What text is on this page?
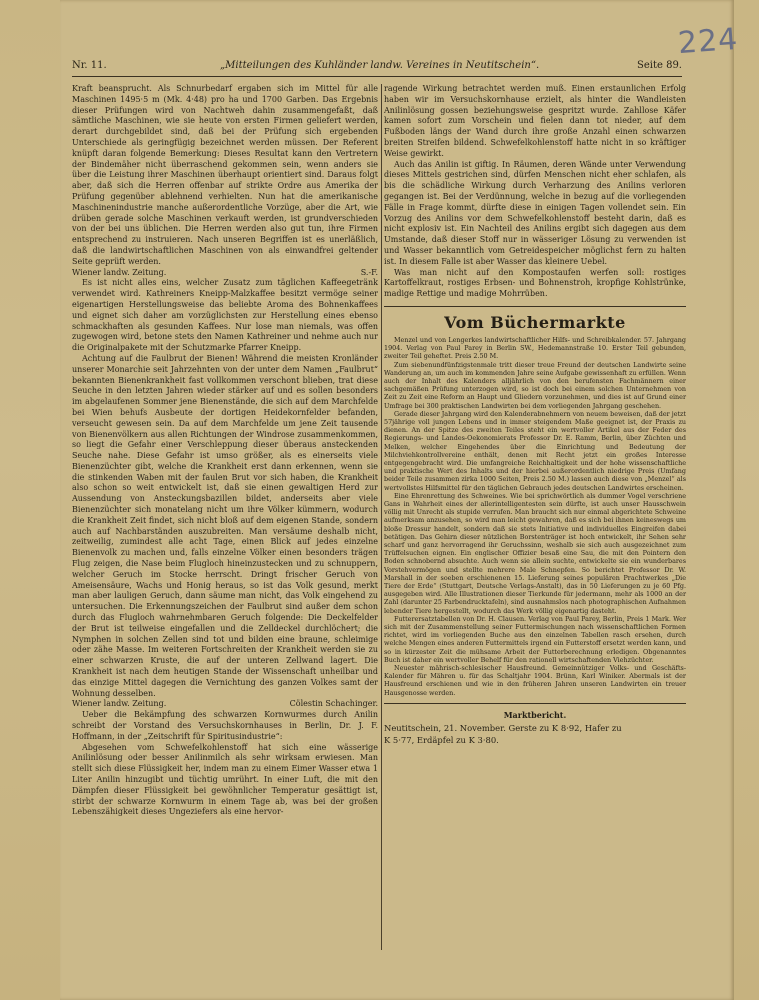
224
Nr. 11.	„Mitteilungen des Kuhländer landw. Vereines in Neutitschein“.	Seite 89.

Kraft beansprucht. Als Schnurbedarf ergaben sich im Mittel für alle Maschinen 1495·5 m (Mk. 4·48) pro ha und 1700 Garben. Das Ergebnis dieser Prüfungen wird von Nachtweh dahin zusammengefaßt, daß sämtliche Maschinen, wie sie heute von ersten Firmen geliefert werden, derart durchgebildet sind, daß bei der Prüfung sich ergebenden Unterschiede als geringfügig bezeichnet werden müssen. Der Referent knüpft daran folgende Bemerkung: Dieses Resultat kann den Vertretern der Bindemäher nicht überraschend gekommen sein, wenn anders sie über die Leistung ihrer Maschinen überhaupt orientiert sind. Daraus folgt aber, daß sich die Herren offenbar auf strikte Ordre aus Amerika der Prüfung gegenüber ablehnend verhielten. Nun hat die amerikanische Maschinenindustrie manche außerordentliche Vorzüge, aber die Art, wie drüben gerade solche Maschinen verkauft werden, ist grundverschieden von der bei uns üblichen. Die Herren werden also gut tun, ihre Firmen entsprechend zu instruieren. Nach unseren Begriffen ist es unerläßlich, daß die landwirtschaftlichen Maschinen von als einwandfrei geltender Seite geprüft werden.

Wiener landw. Zeitung.	S.-F.

Es ist nicht alles eins, welcher Zusatz zum täglichen Kaffeegetränk verwendet wird. Kathreiners Kneipp-Malzkaffee besitzt vermöge seiner eigenartigen Herstellungsweise das beliebte Aroma des Bohnenkaffees und eignet sich daher am vorzüglichsten zur Herstellung eines ebenso schmackhaften als gesunden Kaffees. Nur lose man niemals, was offen zugewogen wird, betone stets den Namen Kathreiner und nehme auch nur die Originalpakete mit der Schutzmarke Pfarrer Kneipp.

Achtung auf die Faulbrut der Bienen! Während die meisten Kronländer unserer Monarchie seit Jahrzehnten von der unter dem Namen „Faulbrut“ bekannten Bienenkrankheit fast vollkommen verschont blieben, trat diese Seuche in den letzten Jahren wieder stärker auf und es sollen besonders im abgelaufenen Sommer jene Bienenstände, die sich auf dem Marchfelde bei Wien behufs Ausbeute der dortigen Heidekornfelder befanden, verseucht gewesen sein. Da auf dem Marchfelde um jene Zeit tausende von Bienenvölkern aus allen Richtungen der Windrose zusammenkommen, so liegt die Gefahr einer Verschleppung dieser überaus ansteckenden Seuche nahe. Diese Gefahr ist umso größer, als es einerseits viele Bienenzüchter gibt, welche die Krankheit erst dann erkennen, wenn sie die stinkenden Waben mit der faulen Brut vor sich haben, die Krankheit also schon so weit entwickelt ist, daß sie einen gewaltigen Herd zur Aussendung von Ansteckungsbazillen bildet, anderseits aber viele Bienenzüchter sich monatelang nicht um ihre Völker kümmern, wodurch die Krankheit Zeit findet, sich nicht bloß auf dem eigenen Stande, sondern auch auf Nachbarständen auszubreiten. Man versäume deshalb nicht, zeitweilig, zumindest alle acht Tage, einen Blick auf jedes einzelne Bienenvolk zu machen und, falls einzelne Völker einen besonders trägen Flug zeigen, die Nase beim Flugloch hineinzustecken und zu schnuppern, welcher Geruch im Stocke herrscht. Dringt frischer Geruch von Ameisensäure, Wachs und Honig heraus, so ist das Volk gesund, merkt man aber lauligen Geruch, dann säume man nicht, das Volk eingehend zu untersuchen. Die Erkennungszeichen der Faulbrut sind außer dem schon durch das Flugloch wahrnehmbaren Geruch folgende: Die Deckelfelder der Brut ist teilweise eingefallen und die Zelldeckel durchlöchert; die Nymphen in solchen Zellen sind tot und bilden eine braune, schleimige oder zähe Masse. Im weiteren Fortschreiten der Krankheit werden sie zu einer schwarzen Kruste, die auf der unteren Zellwand lagert. Die Krankheit ist nach dem heutigen Stande der Wissenschaft unheilbar und das einzige Mittel dagegen die Vernichtung des ganzen Volkes samt der Wohnung desselben.

Wiener landw. Zeitung.	Cölestin Schachinger.

Ueber die Bekämpfung des schwarzen Kornwurmes durch Anilin schreibt der Vorstand des Versuchskornhauses in Berlin, Dr. J. F. Hoffmann, in der „Zeitschrift für Spiritusindustrie“:

Abgesehen vom Schwefelkohlenstoff hat sich eine wässerige Anilinlösung oder besser Anilinmilch als sehr wirksam erwiesen. Man stellt sich diese Flüssigkeit her, indem man zu einem Eimer Wasser etwa 1 Liter Anilin hinzugibt und tüchtig umrührt. In einer Luft, die mit den Dämpfen dieser Flüssigkeit bei gewöhnlicher Temperatur gesättigt ist, stirbt der schwarze Kornwurm in einem Tage ab, was bei der großen Lebenszähigkeit dieses Ungeziefers als eine hervor-

ragende Wirkung betrachtet werden muß. Einen erstaunlichen Erfolg haben wir im Versuchskornhause erzielt, als hinter die Wandleisten Anilinlösung gossen beziehungsweise gespritzt wurde. Zahllose Käfer kamen sofort zum Vorschein und fielen dann tot nieder, auf dem Fußboden längs der Wand durch ihre große Anzahl einen schwarzen breiten Streifen bildend. Schwefelkohlenstoff hatte nicht in so kräftiger Weise gewirkt.

Auch das Anilin ist giftig. In Räumen, deren Wände unter Verwendung dieses Mittels gestrichen sind, dürfen Menschen nicht eher schlafen, als bis die schädliche Wirkung durch Verharzung des Anilins verloren gegangen ist. Bei der Verdünnung, welche in bezug auf die vorliegenden Fälle in Frage kommt, dürfte diese in einigen Tagen vollendet sein. Ein Vorzug des Anilins vor dem Schwefelkohlenstoff besteht darin, daß es nicht explosiv ist. Ein Nachteil des Anilins ergibt sich dagegen aus dem Umstande, daß dieser Stoff nur in wässeriger Lösung zu verwenden ist und Wasser bekanntlich vom Getreidespeicher möglichst fern zu halten ist. In diesem Falle ist aber Wasser das kleinere Uebel.

Was man nicht auf den Kompostaufen werfen soll: rostiges Kartoffelkraut, rostiges Erbsen- und Bohnenstroh, kropfige Kohlstrünke, madige Rettige und madige Mohrrüben.

Vom Büchermarkte

Menzel und von Lengerkes landwirtschaftlicher Hilfs- und Schreibkalender. 57. Jahrgang 1904. Verlag von Paul Parey in Berlin SW., Hedemannstraße 10. Erster Teil gebunden, zweiter Teil geheftet. Preis 2.50 M.

Zum siebenundfünfzigstenmale tritt dieser treue Freund der deutschen Landwirte seine Wanderung an, um auch im kommenden Jahre seine Aufgabe gewissenhaft zu erfüllen. Wenn auch der Inhalt des Kalenders alljährlich von den berufensten Fachmännern einer sachgemäßen Prüfung unterzogen wird, so ist doch bei einem solchen Unternehmen von Zeit zu Zeit eine Reform an Haupt und Gliedern vorzunehmen, und dies ist auf Grund einer Umfrage bei 300 praktischen Landwirten bei dem vorliegenden Jahrgang geschehen.

Gerade dieser Jahrgang wird den Kalenderabnehmern von neuem beweisen, daß der jetzt 57jährige voll jungen Lebens und in immer steigendem Maße geeignet ist, der Praxis zu dienen. An der Spitze des zweiten Teiles steht ein wertvoller Artikel aus der Feder des Regierungs- und Landes-Oekonomierats Professor Dr. E. Ramm, Berlin, über Züchten und Melken, welcher Eingehendes über die Einrichtung und Bedeutung der Milchviehkontrollvereine enthält, denen mit Recht jetzt ein großes Interesse entgegengebracht wird. Die umfangreiche Reichhaltigkeit und der hohe wissenschaftliche und praktische Wert des Inhalts und der hierbei außerordentlich niedrige Preis (Umfang beider Teile zusammen zirka 1000 Seiten, Preis 2.50 M.) lassen auch diese von „Menzel“ als wertvollstes Hilfsmittel für den täglichen Gebrauch jedes deutschen Landwirtes erscheinen.

Eine Ehrenrettung des Schweines. Wie bei sprichwörtlich als dummer Vogel verschriene Gans in Wahrheit eines der allerintelligentesten sein dürfte, ist auch unser Hausschwein völlig mit Unrecht als stupide verrufen. Man braucht sich nur einmal abgerichtete Schweine aufmerksam anzusehen, so wird man leicht gewahren, daß es sich bei ihnen keineswegs um bloße Dressur handelt, sondern daß sie stets Initiative und individuelles Eingreifen dabei betätigen. Das Gehirn dieser nützlichen Borstenträger ist hoch entwickelt, ihr Sehen sehr scharf und ganz hervorragend ihr Geruchssinn, weshalb sie sich auch ausgezeichnet zum Trüffelsuchen eignen. Ein englischer Offizier besaß eine Sau, die mit den Pointern den Boden schnobernd absuchte. Auch wenn sie allein suchte, entwickelte sie ein wunderbares Vorstehvermögen und stellte mehrere Male Schnepfen. So berichtet Professor Dr. W. Marshall in der soeben erschienenen 15. Lieferung seines populären Prachtwerkes „Die Tiere der Erde“ (Stuttgart, Deutsche Verlags-Anstalt), das in 50 Lieferungen zu je 60 Pfg. ausgegeben wird. Alle Illustrationen dieser Tierkunde für jedermann, mehr als 1000 an der Zahl (darunter 25 Farbendrucktafeln), sind ausnahmslos nach photographischen Aufnahmen lebender Tiere hergestellt, wodurch das Werk völlig eigenartig dasteht.

Futterersatztabellen von Dr. H. Clausen. Verlag von Paul Parey, Berlin, Preis 1 Mark. Wer sich mit der Zusammenstellung seiner Futtermischungen nach wissenschaftlichen Formen richtet, wird im vorliegenden Buche aus den einzelnen Tabellen rasch ersehen, durch welche Mengen eines anderen Futtermittels irgend ein Futterstoff ersetzt werden kann, und so in kürzester Zeit die mühsame Arbeit der Futterberechnung erledigen. Obgenanntes Buch ist daher ein wertvoller Behelf für den rationell wirtschaftenden Viehzüchter.

Neuester mährisch-schlesischer Hausfreund. Gemeinnütziger Volks- und Geschäfts-Kalender für Mähren u. für das Schaltjahr 1904. Brünn, Karl Winiker. Abermals ist der Hausfreund erschienen und wie in den früheren Jahren unseren Landwirten ein treuer Hausgenosse werden.

Marktbericht.

Neutitschein, 21. November. Gerste zu K 8·92, Hafer zu

K 5·77, Erdäpfel zu K 3·80.
